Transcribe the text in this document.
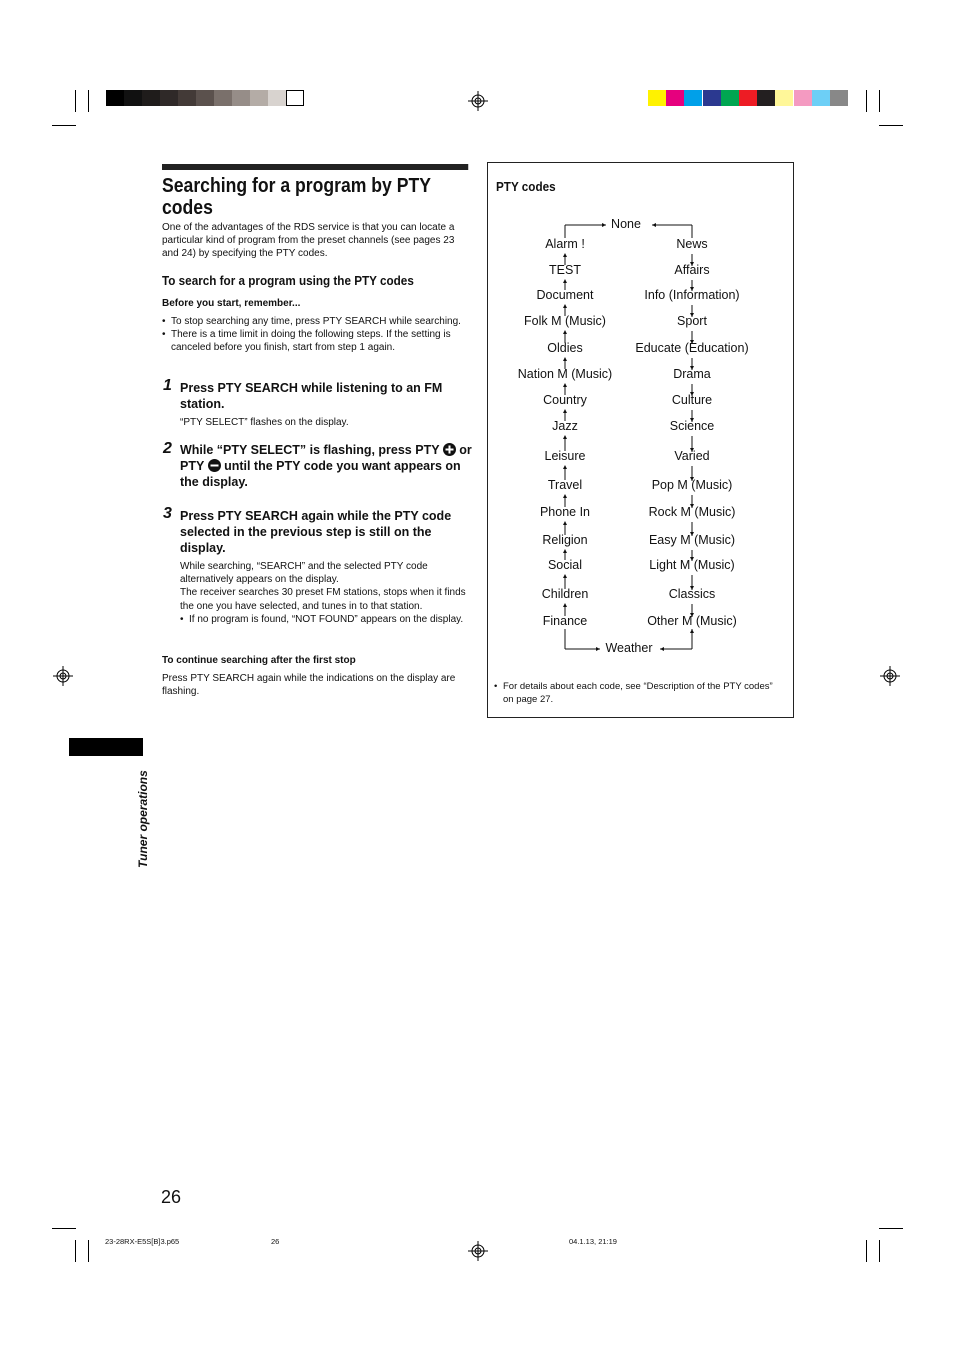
Searching for a program by PTY codes
One of the advantages of the RDS service is that you can locate a particular kind of program from the preset channels (see pages 23 and 24) by specifying the PTY codes.
To search for a program using the PTY codes
Before you start, remember...
• To stop searching any time, press PTY SEARCH while searching.
• There is a time limit in doing the following steps. If the setting is canceled before you finish, start from step 1 again.
1 Press PTY SEARCH while listening to an FM station.
“PTY SELECT” flashes on the display.
2 While “PTY SELECT” is flashing, press PTY or PTY until the PTY code you want appears on the display.
3 Press PTY SEARCH again while the PTY code selected in the previous step is still on the display.
While searching, “SEARCH” and the selected PTY code alternatively appears on the display.
The receiver searches 30 preset FM stations, stops when it finds the one you have selected, and tunes in to that station.
• If no program is found, “NOT FOUND” appears on the display.
To continue searching after the first stop
Press PTY SEARCH again while the indications on the display are flashing.
PTY codes
Alarm !
TEST
Document
Folk M (Music)
Oldies
Nation M (Music)
Country
Jazz
Leisure
Travel
Phone In
Religion
Social
Children
Finance
News
Affairs
Info (Information)
Sport
Educate (Education)
Drama
Culture
Science
Varied
Pop M (Music)
Rock M (Music)
Easy M (Music)
Light M (Music)
Classics
Other M (Music)
None
Weather
• For details about each code, see “Description of the PTY codes” on page 27.
Tuner operations
26
23-28RX-E5S[B]3.p65	26	04.1.13, 21:19
